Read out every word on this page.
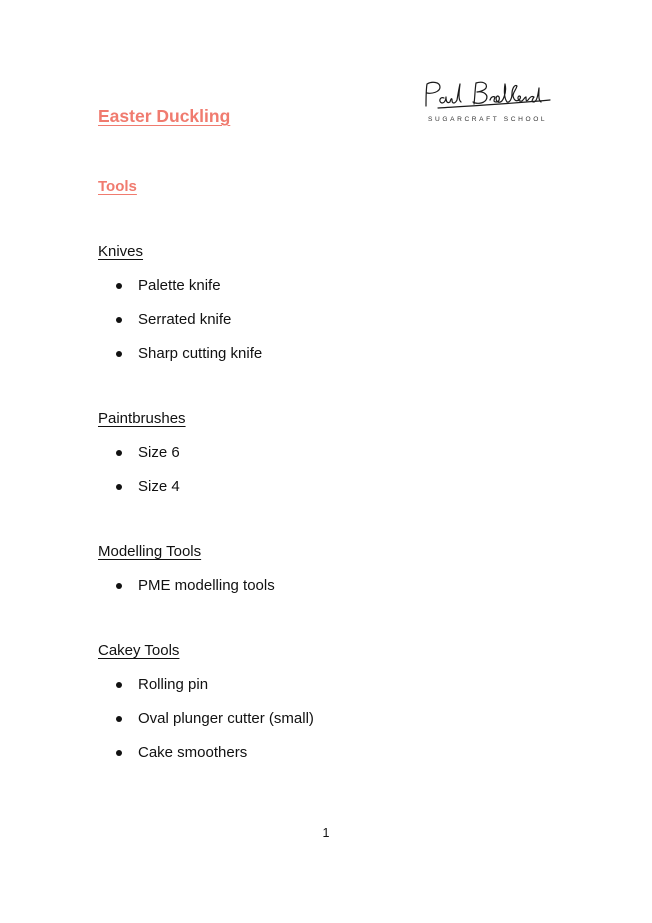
SUGARCRAFT SCHOOL
Easter Duckling
Tools
Knives
Palette knife
Serrated knife
Sharp cutting knife
Paintbrushes
Size 6
Size 4
Modelling Tools
PME modelling tools
Cakey Tools
Rolling pin
Oval plunger cutter (small)
Cake smoothers
1
